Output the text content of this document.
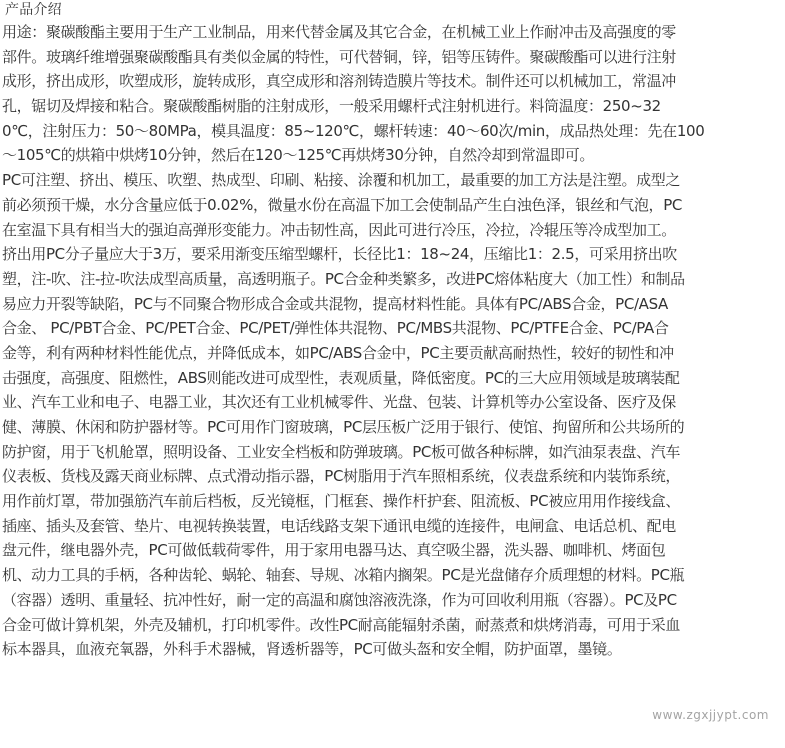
产品介绍
用途：聚碳酸酯主要用于生产工业制品，用来代替金属及其它合金，在机械工业上作耐冲击及高强度的零
部件。玻璃纤维增强聚碳酸酯具有类似金属的特性，可代替铜，锌，铝等压铸件。聚碳酸酯可以进行注射
成形，挤出成形，吹塑成形，旋转成形，真空成形和溶剂铸造膜片等技术。制件还可以机械加工，常温冲
孔，锯切及焊接和粘合。聚碳酸酯树脂的注射成形，一般采用螺杆式注射机进行。料筒温度：250~32
0℃，注射压力：50～80MPa，模具温度：85~120℃，螺杆转速：40～60次/min，成品热处理：先在100
～105℃的烘箱中烘烤10分钟，然后在120～125℃再烘烤30分钟，自然冷却到常温即可。
PC可注塑、挤出、模压、吹塑、热成型、印刷、粘接、涂覆和机加工，最重要的加工方法是注塑。成型之
前必须预干燥，水分含量应低于0.02%，微量水份在高温下加工会使制品产生白浊色泽，银丝和气泡，PC
在室温下具有相当大的强迫高弹形变能力。冲击韧性高，因此可进行冷压，冷拉，冷辊压等冷成型加工。
挤出用PC分子量应大于3万，要采用渐变压缩型螺杆，长径比1：18~24，压缩比1：2.5，可采用挤出吹
塑，注-吹、注-拉-吹法成型高质量，高透明瓶子。PC合金种类繁多，改进PC熔体粘度大（加工性）和制品
易应力开裂等缺陷，PC与不同聚合物形成合金或共混物，提高材料性能。具体有PC/ABS合金，PC/ASA
合金、 PC/PBT合金、PC/PET合金、PC/PET/弹性体共混物、PC/MBS共混物、PC/PTFE合金、PC/PA合
金等，利有两种材料性能优点，并降低成本，如PC/ABS合金中，PC主要贡献高耐热性，较好的韧性和冲
击强度，高强度、阻燃性，ABS则能改进可成型性，表观质量，降低密度。PC的三大应用领域是玻璃装配
业、汽车工业和电子、电器工业，其次还有工业机械零件、光盘、包装、计算机等办公室设备、医疗及保
健、薄膜、休闲和防护器材等。PC可用作门窗玻璃，PC层压板广泛用于银行、使馆、拘留所和公共场所的
防护窗，用于飞机舱罩，照明设备、工业安全档板和防弹玻璃。PC板可做各种标牌，如汽油泵表盘、汽车
仪表板、货栈及露天商业标牌、点式滑动指示器，PC树脂用于汽车照相系统，仪表盘系统和内装饰系统，
用作前灯罩，带加强筋汽车前后档板，反光镜框，门框套、操作杆护套、阻流板、PC被应用用作接线盒、
插座、插头及套管、垫片、电视转换装置，电话线路支架下通讯电缆的连接件，电闸盒、电话总机、配电
盘元件，继电器外壳，PC可做低载荷零件，用于家用电器马达、真空吸尘器，洗头器、咖啡机、烤面包
机、动力工具的手柄，各种齿轮、蜗轮、轴套、导规、冰箱内搁架。PC是光盘储存介质理想的材料。PC瓶
（容器）透明、重量轻、抗冲性好，耐一定的高温和腐蚀溶液洗涤，作为可回收利用瓶（容器）。PC及PC
合金可做计算机架，外壳及辅机，打印机零件。改性PC耐高能辐射杀菌，耐蒸煮和烘烤消毒，可用于采血
标本器具，血液充氧器，外科手术器械，肾透析器等，PC可做头盔和安全帽，防护面罩，墨镜。
www.zgxjjypt.com
